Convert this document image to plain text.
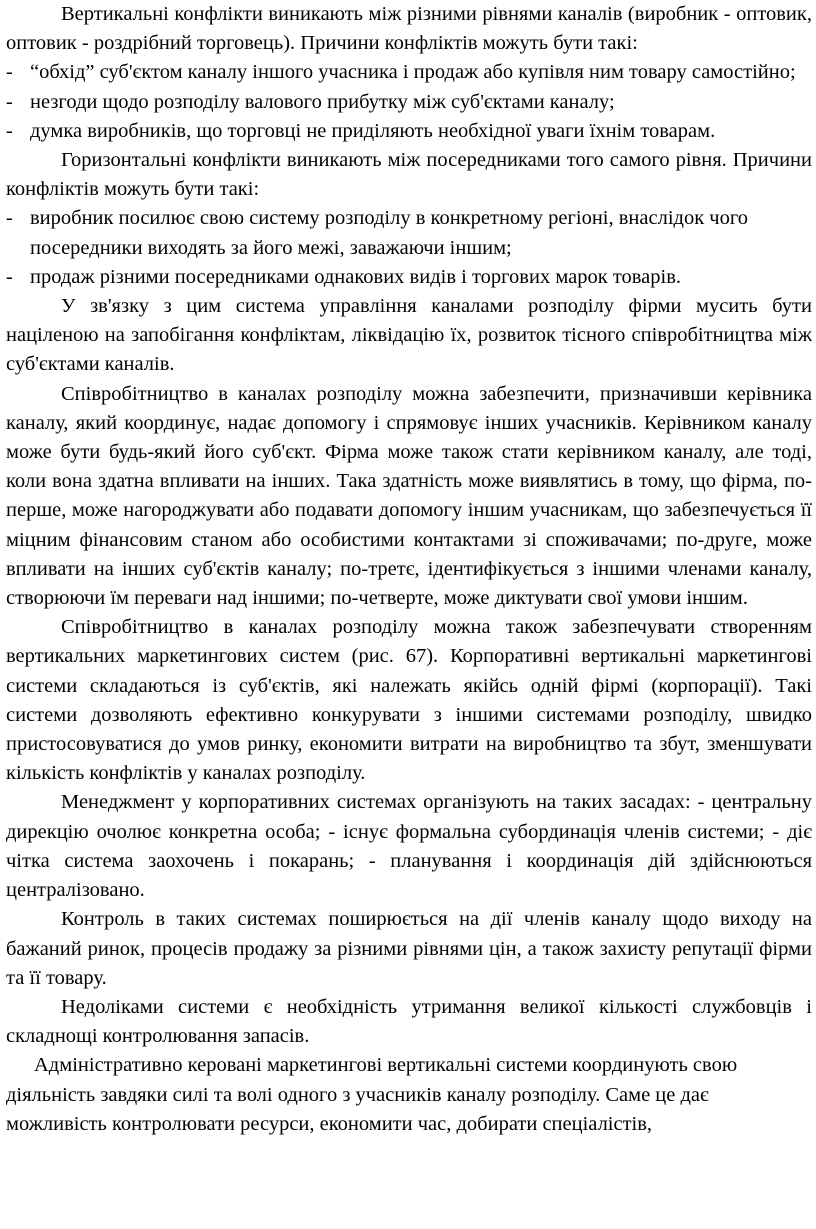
Вертикальні конфлікти виникають між різними рівнями каналів (виробник - оптовик, оптовик - роздрібний торговець). Причини конфліктів можуть бути такі:

- “обхід” суб'єктом каналу іншого учасника і продаж або купівля ним товару самостійно;
- незгоди щодо розподілу валового прибутку між суб'єктами каналу;
- думка виробників, що торговці не приділяють необхідної уваги їхнім товарам.

Горизонтальні конфлікти виникають між посередниками того самого рівня. Причини конфліктів можуть бути такі:

- виробник посилює свою систему розподілу в конкретному регіоні, внаслідок чого посередники виходять за його межі, заважаючи іншим;
- продаж різними посередниками однакових видів і торгових марок товарів.

У зв'язку з цим система управління каналами розподілу фірми мусить бути націленою на запобігання конфліктам, ліквідацію їх, розвиток тісного співробітництва між суб'єктами каналів.

Співробітництво в каналах розподілу можна забезпечити, призначивши керівника каналу, який координує, надає допомогу і спрямовує інших учасників. Керівником каналу може бути будь-який його суб'єкт. Фірма може також стати керівником каналу, але тоді, коли вона здатна впливати на інших. Така здатність може виявлятись в тому, що фірма, по-перше, може нагороджувати або подавати допомогу іншим учасникам, що забезпечується її міцним фінансовим станом або особистими контактами зі споживачами; по-друге, може впливати на інших суб'єктів каналу; по-третє, ідентифікується з іншими членами каналу, створюючи їм переваги над іншими; по-четверте, може диктувати свої умови іншим.

Співробітництво в каналах розподілу можна також забезпечувати створенням вертикальних маркетингових систем (рис. 67). Корпоративні вертикальні маркетингові системи складаються із суб'єктів, які належать якійсь одній фірмі (корпорації). Такі системи дозволяють ефективно конкурувати з іншими системами розподілу, швидко пристосовуватися до умов ринку, економити витрати на виробництво та збут, зменшувати кількість конфліктів у каналах розподілу.

Менеджмент у корпоративних системах організують на таких засадах: - центральну дирекцію очолює конкретна особа; - існує формальна субординація членів системи; - діє чітка система заохочень і покарань; - планування і координація дій здійснюються централізовано.

Контроль в таких системах поширюється на дії членів каналу щодо виходу на бажаний ринок, процесів продажу за різними рівнями цін, а також захисту репутації фірми та її товару.

Недоліками системи є необхідність утримання великої кількості службовців і складнощі контролювання запасів.

Адміністративно керовані маркетингові вертикальні системи координують свою діяльність завдяки силі та волі одного з учасників каналу розподілу. Саме це дає можливість контролювати ресурси, економити час, добирати спеціалістів,
